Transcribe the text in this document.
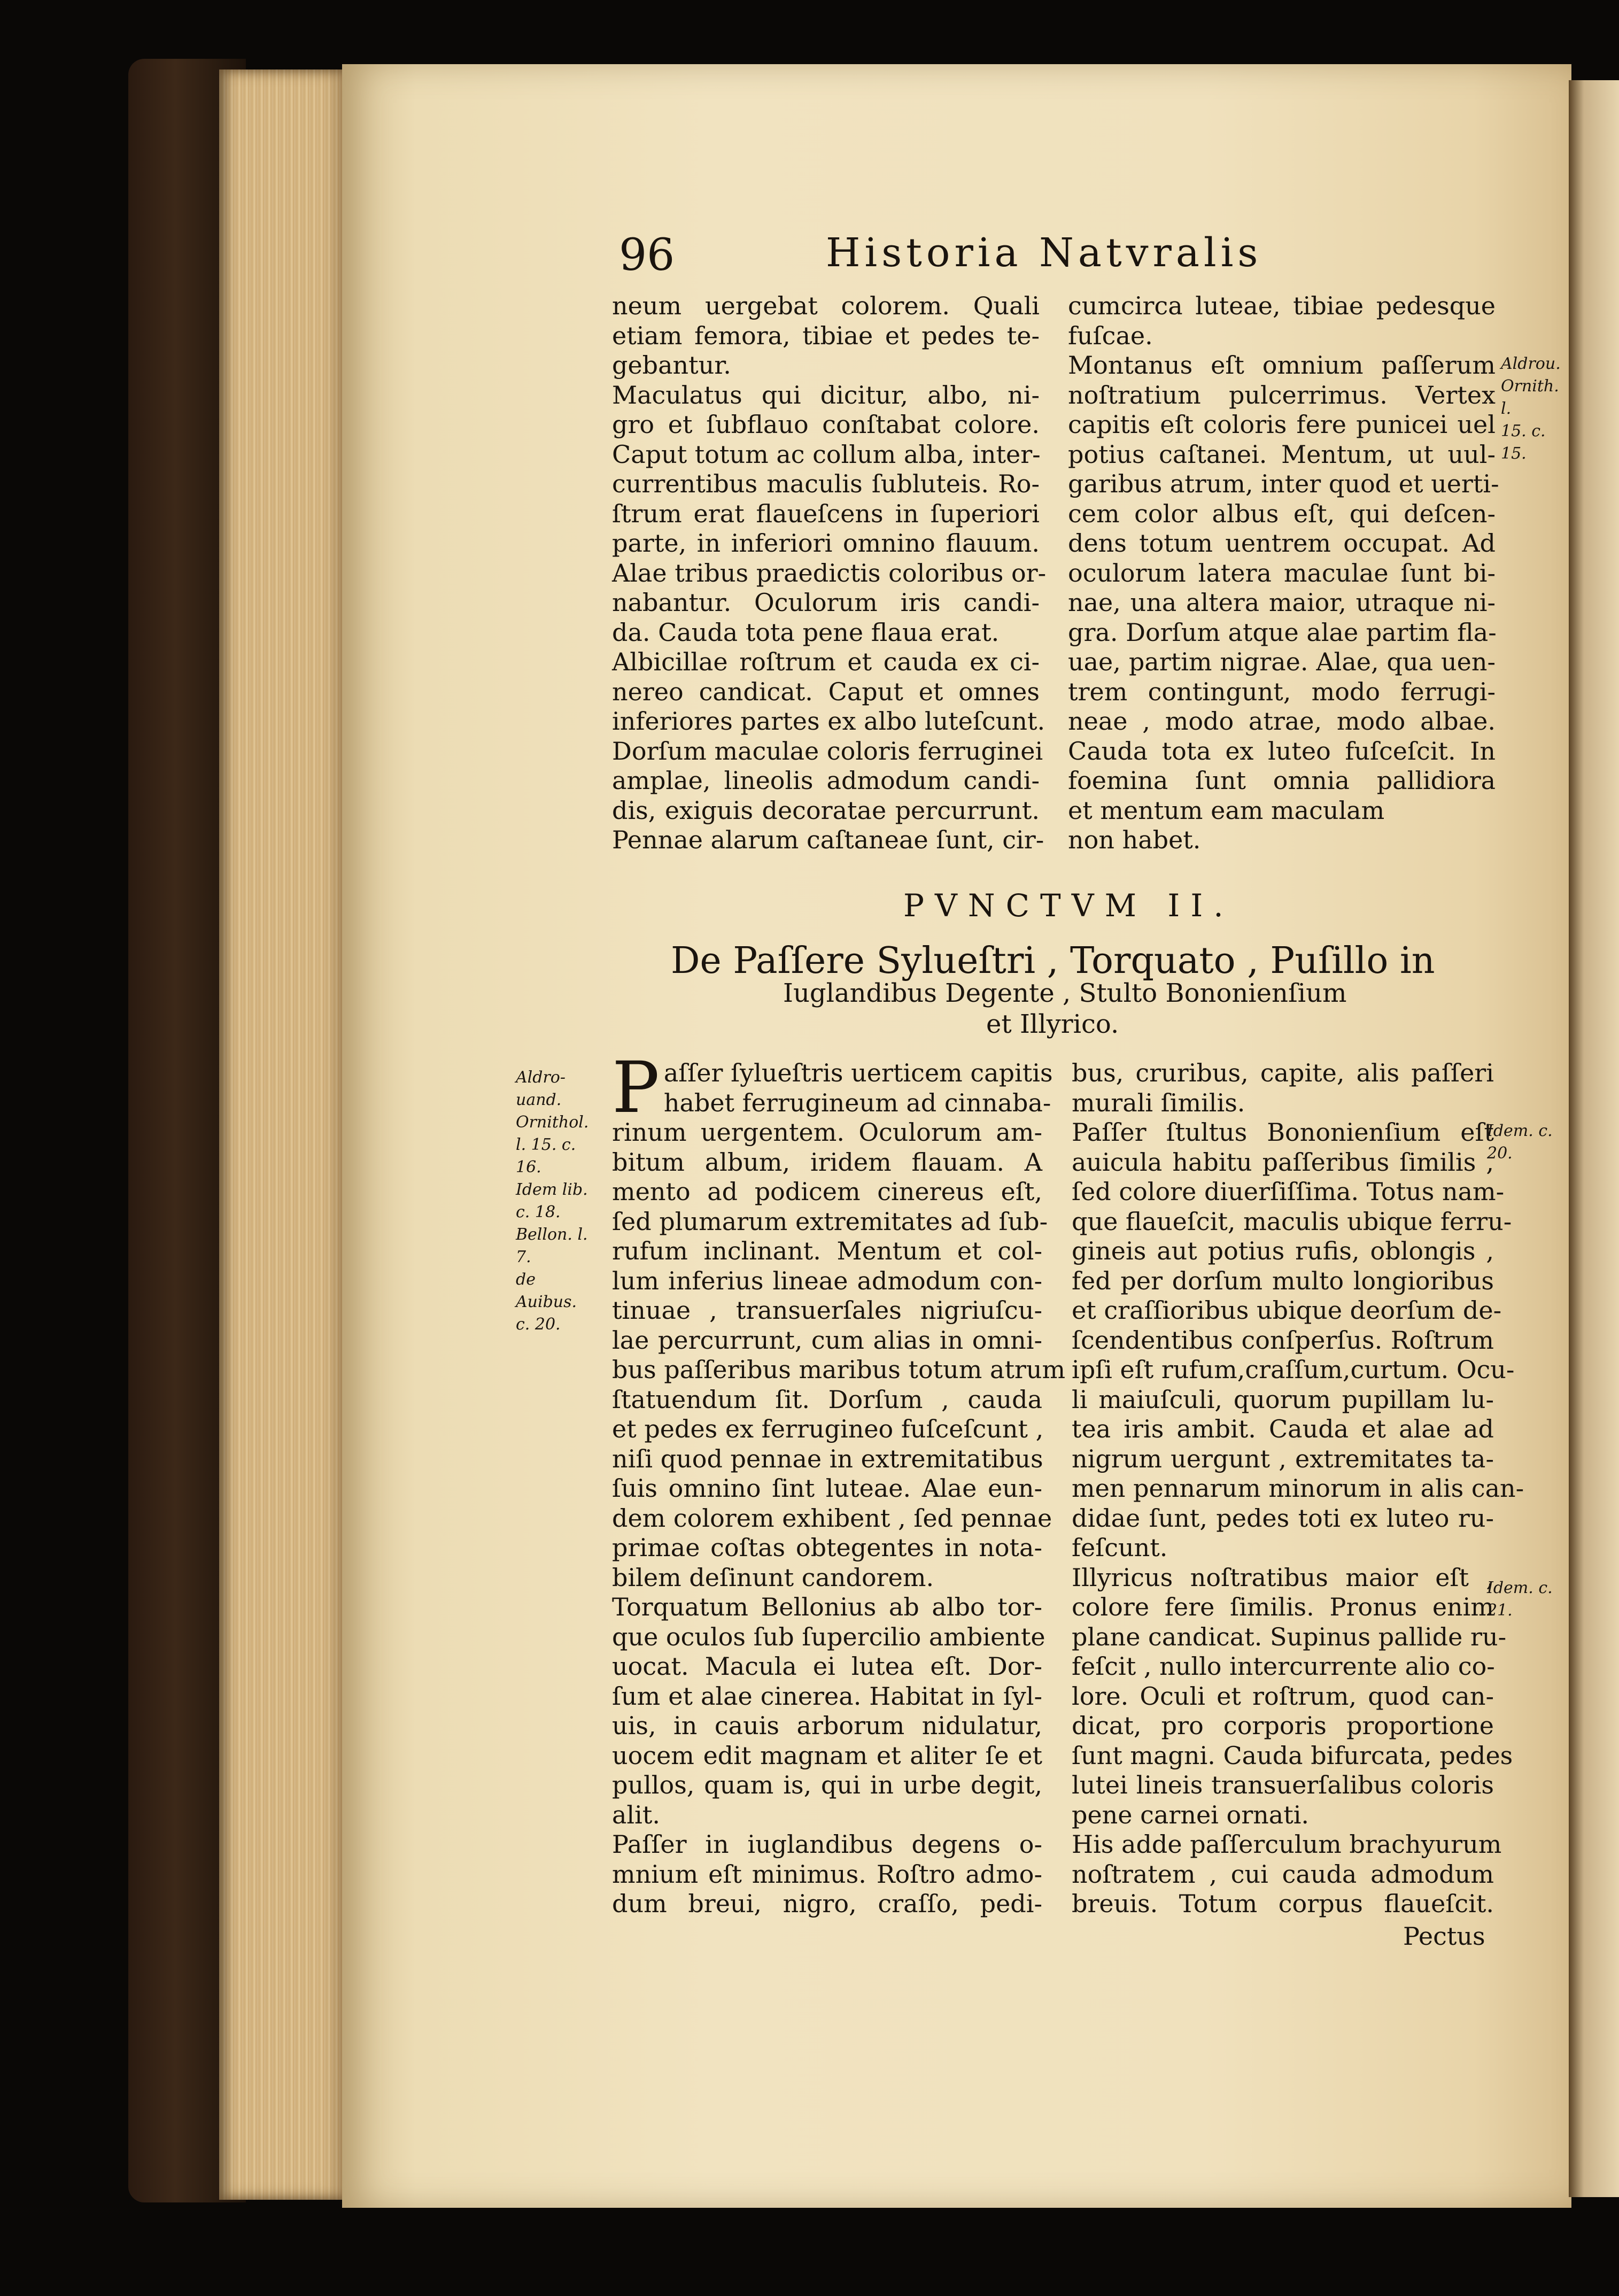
96	Historia Natvralis
neum uergebat colorem. Quali
etiam femora, tibiae et pedes te-
gebantur.
Maculatus qui dicitur, albo, ni-
gro et ſubflauo conſtabat colore.
Caput totum ac collum alba, inter-
currentibus maculis ſubluteis. Ro-
ſtrum erat flaueſcens in ſuperiori
parte, in inferiori omnino flauum.
Alae tribus praedictis coloribus or-
nabantur. Oculorum iris candi-
da. Cauda tota pene flaua erat.
Albicillae roſtrum et cauda ex ci-
nereo candicat. Caput et omnes
inferiores partes ex albo luteſcunt.
Dorſum maculae coloris ferruginei
amplae, lineolis admodum candi-
dis, exiguis decoratae percurrunt.
Pennae alarum caſtaneae ſunt, cir-
cumcirca luteae, tibiae pedesque
fuſcae.
Montanus eſt omnium paſſerum
noſtratium pulcerrimus. Vertex
capitis eſt coloris fere punicei uel
potius caſtanei. Mentum, ut uul-
garibus atrum, inter quod et uerti-
cem color albus eſt, qui deſcen-
dens totum uentrem occupat. Ad
oculorum latera maculae ſunt bi-
nae, una altera maior, utraque ni-
gra. Dorſum atque alae partim fla-
uae, partim nigrae. Alae, qua uen-
trem contingunt, modo ferrugi-
neae , modo atrae, modo albae.
Cauda tota ex luteo fuſceſcit. In
foemina ſunt omnia pallidiora
et mentum eam maculam
non habet.
PVNCTVM II.
De Paſſere Sylueſtri , Torquato , Puſillo in
Iuglandibus Degente , Stulto Bononienſium
et Illyrico.
P aſſer ſylueſtris uerticem capitis
habet ferrugineum ad cinnaba-
rinum uergentem. Oculorum am-
bitum album, iridem flauam. A
mento ad podicem cinereus eſt,
ſed plumarum extremitates ad ſub-
rufum inclinant. Mentum et col-
lum inferius lineae admodum con-
tinuae , transuerſales nigriuſcu-
lae percurrunt, cum alias in omni-
bus paſſeribus maribus totum atrum
ſtatuendum ſit. Dorſum , cauda
et pedes ex ferrugineo fuſceſcunt ,
niſi quod pennae in extremitatibus
ſuis omnino ſint luteae. Alae eun-
dem colorem exhibent , ſed pennae
primae coſtas obtegentes in nota-
bilem deſinunt candorem.
Torquatum Bellonius ab albo tor-
que oculos ſub ſupercilio ambiente
uocat. Macula ei lutea eſt. Dor-
ſum et alae cinerea. Habitat in ſyl-
uis, in cauis arborum nidulatur,
uocem edit magnam et aliter ſe et
pullos, quam is, qui in urbe degit,
alit.
Paſſer in iuglandibus degens o-
mnium eſt minimus. Roſtro admo-
dum breui, nigro, craſſo, pedi-
bus, cruribus, capite, alis paſſeri
murali ſimilis.
Paſſer ſtultus Bononienſium eſt
auicula habitu paſſeribus ſimilis ,
ſed colore diuerſiſſima. Totus nam-
que flaueſcit, maculis ubique ferru-
gineis aut potius rufis, oblongis ,
fed per dorſum multo longioribus
et craſſioribus ubique deorſum de-
ſcendentibus conſperſus. Roſtrum
ipſi eſt rufum,craſſum,curtum. Ocu-
li maiuſculi, quorum pupillam lu-
tea iris ambit. Cauda et alae ad
nigrum uergunt , extremitates ta-
men pennarum minorum in alis can-
didae ſunt, pedes toti ex luteo ru-
feſcunt.
Illyricus noſtratibus maior eſt ,
colore fere ſimilis. Pronus enim
plane candicat. Supinus pallide ru-
feſcit , nullo intercurrente alio co-
lore. Oculi et roſtrum, quod can-
dicat, pro corporis proportione
ſunt magni. Cauda bifurcata, pedes
lutei lineis transuerſalibus coloris
pene carnei ornati.
His adde paſſerculum brachyurum
noſtratem , cui cauda admodum
breuis. Totum corpus flaueſcit.
Aldro-
uand.
Ornithol.
l. 15. c. 16.
Idem lib.
c. 18.
Bellon. l. 7.
de Auibus.
c. 20.
Aldrou.
Ornith. l.
15. c. 15.
Idem. c.
20.
Idem. c.
21.
Pectus
